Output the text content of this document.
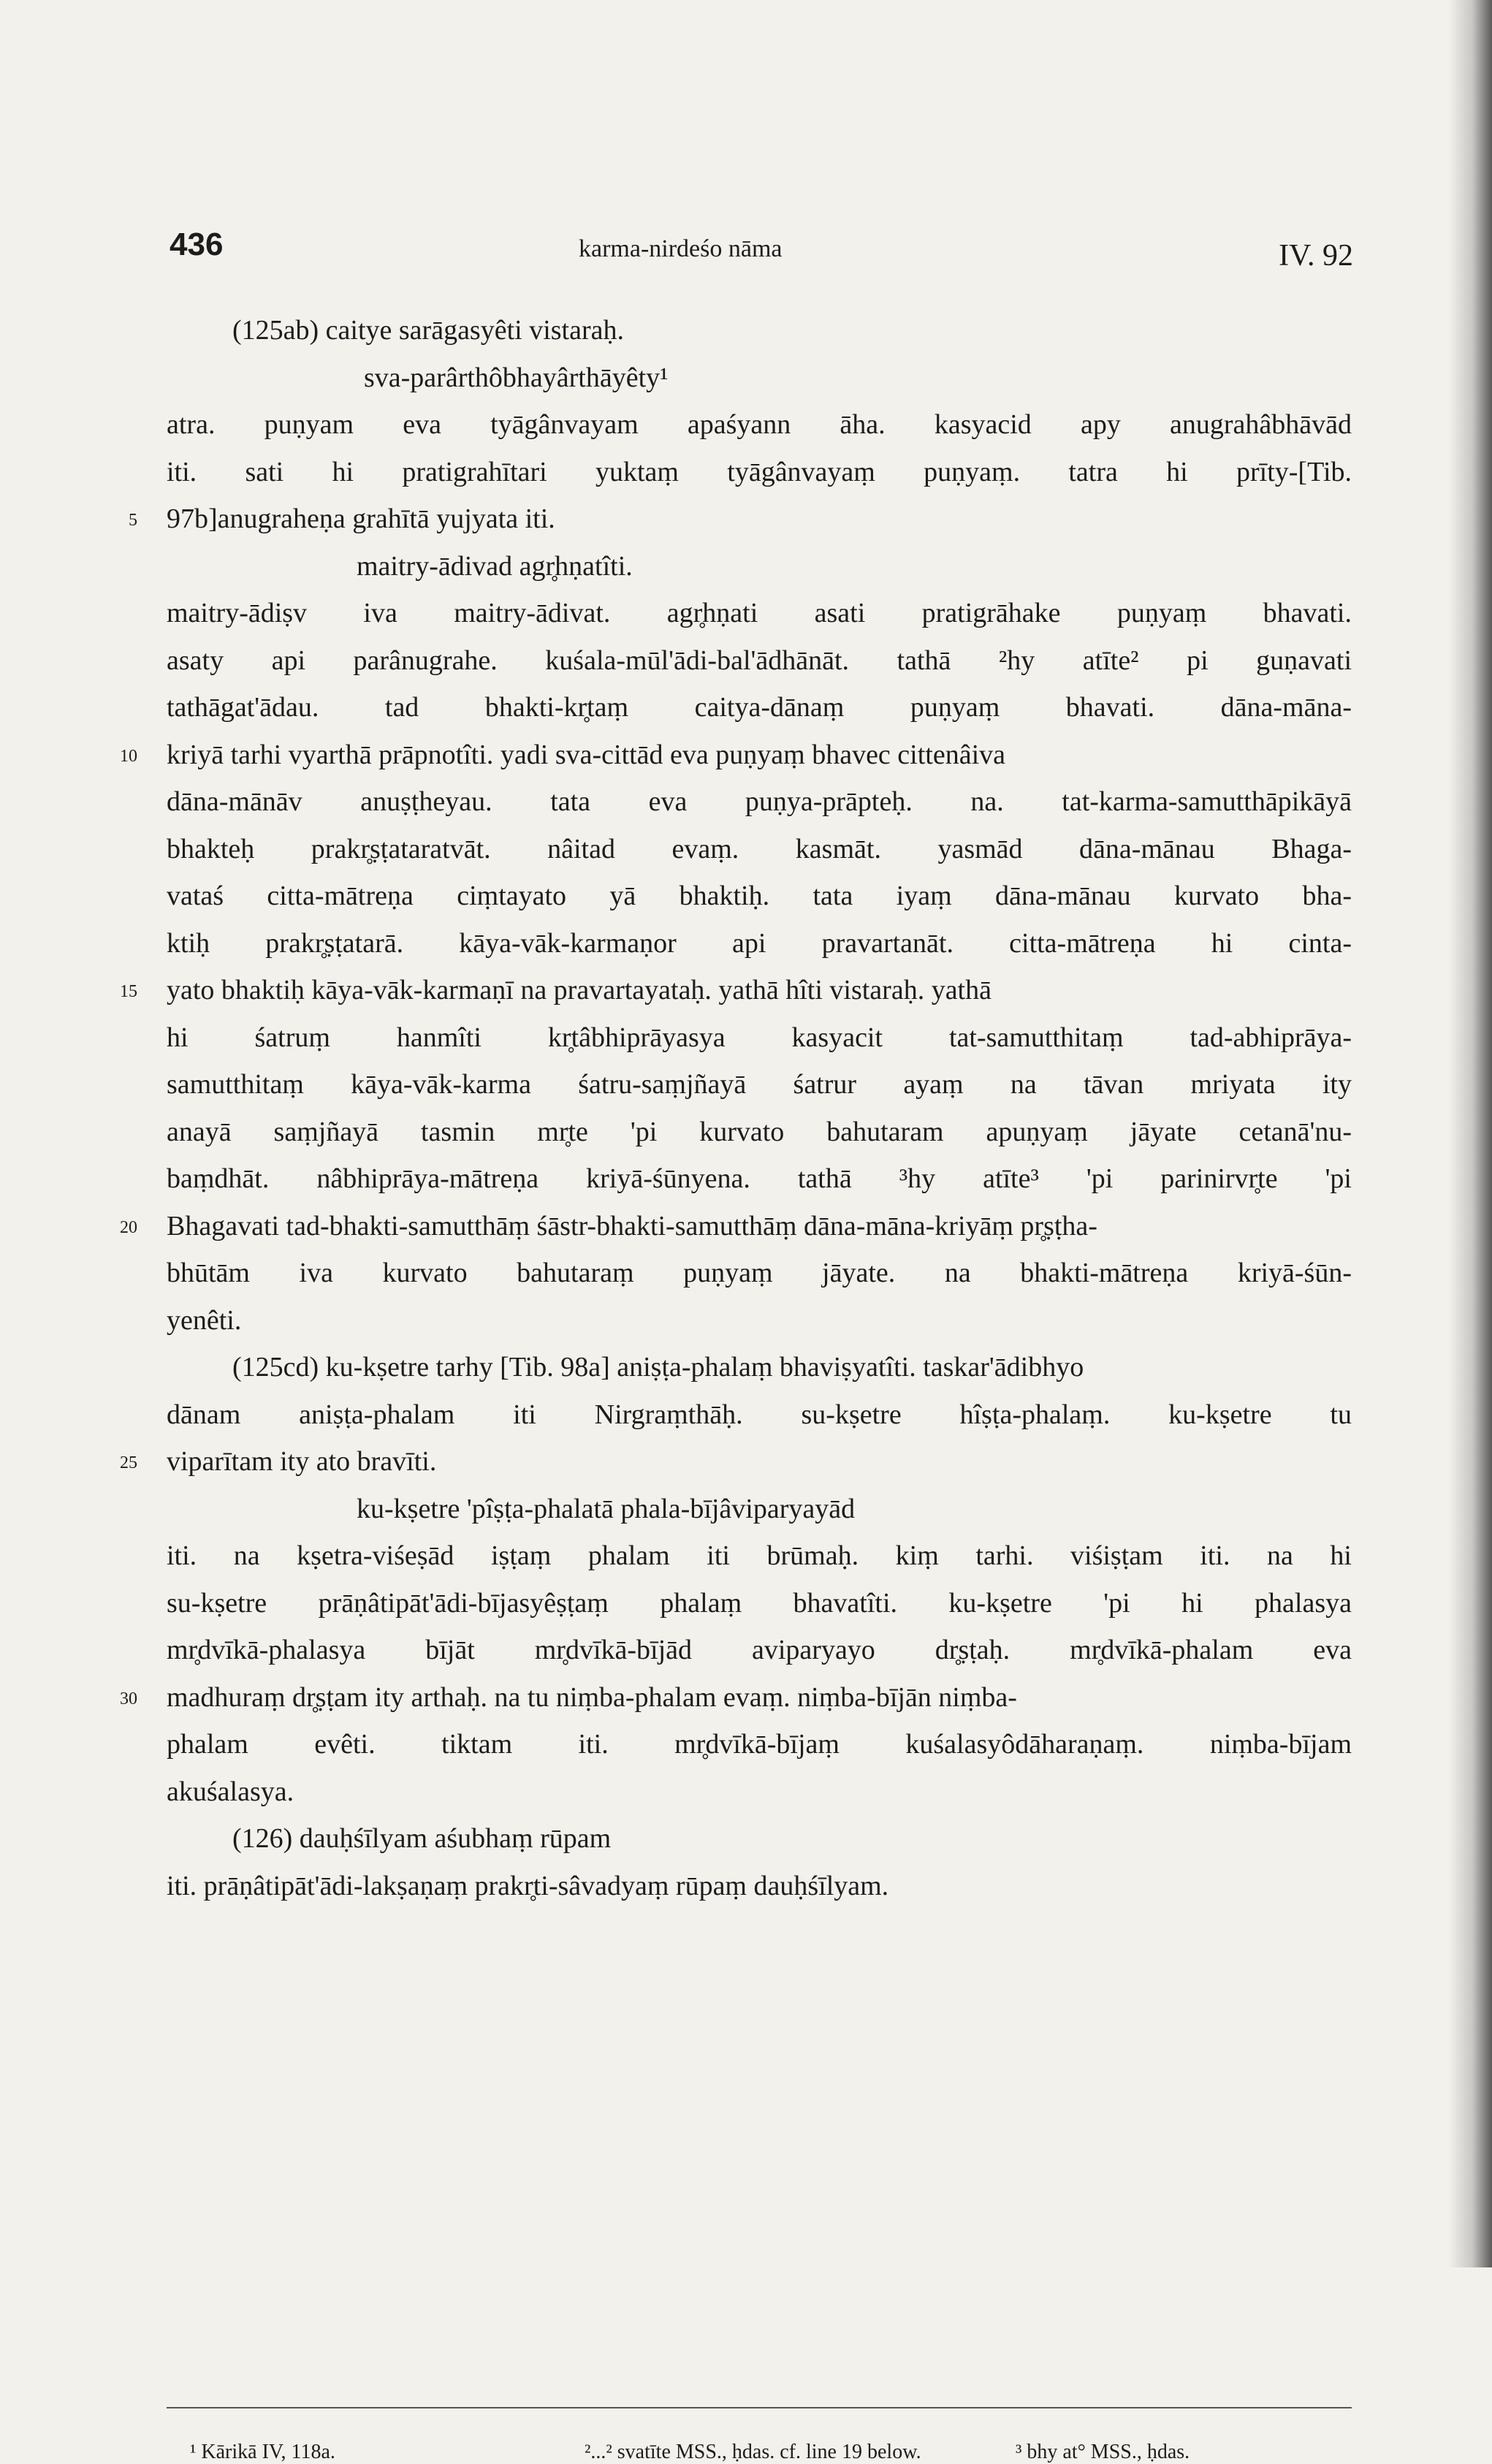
436	karma-nirdeśo nāma	IV. 92
(125ab) caitye sarāgasyêti vistaraḥ.
sva-parârthôbhayârthāyêty¹
atra. puṇyam eva tyāgânvayam apaśyann āha. kasyacid apy anugrahâbhāvād
iti. sati hi pratigrahītari yuktaṃ tyāgânvayaṃ puṇyaṃ. tatra hi prīty-[Tib.
5 97b]anugraheṇa grahītā yujyata iti.
maitry-ādivad agr̥hṇatîti.
maitry-ādiṣv iva maitry-ādivat. agr̥hṇati asati pratigrāhake puṇyaṃ bhavati.
asaty api parânugrahe. kuśala-mūl'ādi-bal'ādhānāt. tathā ²hy atīte² pi guṇavati
tathāgat'ādau. tad bhakti-kr̥taṃ caitya-dānaṃ puṇyaṃ bhavati. dāna-māna-
10 kriyā tarhi vyarthā prāpnotîti. yadi sva-cittād eva puṇyaṃ bhavec cittenâiva
dāna-mānāv anuṣṭheyau. tata eva puṇya-prāpteḥ. na. tat-karma-samutthāpikāyā
bhakteḥ prakr̥ṣṭataratvāt. nâitad evaṃ. kasmāt. yasmād dāna-mānau Bhaga-
vataś citta-mātreṇa ciṃtayato yā bhaktiḥ. tata iyaṃ dāna-mānau kurvato bha-
ktiḥ prakr̥ṣṭatarā. kāya-vāk-karmaṇor api pravartanāt. citta-mātreṇa hi cinta-
15 yato bhaktiḥ kāya-vāk-karmaṇī na pravartayataḥ. yathā hîti vistaraḥ. yathā
hi śatruṃ hanmîti kr̥tâbhiprāyasya kasyacit tat-samutthitaṃ tad-abhiprāya-
samutthitaṃ kāya-vāk-karma śatru-saṃjñayā śatrur ayaṃ na tāvan mriyata ity
anayā saṃjñayā tasmin mr̥te 'pi kurvato bahutaram apuṇyaṃ jāyate cetanā'nu-
baṃdhāt. nâbhiprāya-mātreṇa kriyā-śūnyena. tathā ³hy atīte³ 'pi parinirvr̥te 'pi
20 Bhagavati tad-bhakti-samutthāṃ śāstr-bhakti-samutthāṃ dāna-māna-kriyāṃ pr̥ṣṭha-
bhūtām iva kurvato bahutaraṃ puṇyaṃ jāyate. na bhakti-mātreṇa kriyā-śūn-
yenêti.
(125cd) ku-kṣetre tarhy [Tib. 98a] aniṣṭa-phalaṃ bhaviṣyatîti. taskar'ādibhyo
dānam aniṣṭa-phalam iti Nirgraṃthāḥ. su-kṣetre hîṣṭa-phalaṃ. ku-kṣetre tu
25 viparītam ity ato bravīti.
ku-kṣetre 'pîṣṭa-phalatā phala-bījâviparyayād
iti. na kṣetra-viśeṣād iṣṭaṃ phalam iti brūmaḥ. kiṃ tarhi. viśiṣṭam iti. na hi
su-kṣetre prāṇâtipāt'ādi-bījasyêṣṭaṃ phalaṃ bhavatîti. ku-kṣetre 'pi hi phalasya
mr̥dvīkā-phalasya bījāt mr̥dvīkā-bījād aviparyayo dr̥ṣṭaḥ. mr̥dvīkā-phalam eva
30 madhuraṃ dr̥ṣṭam ity arthaḥ. na tu niṃba-phalam evaṃ. niṃba-bījān niṃba-
phalam evêti. tiktam iti. mr̥dvīkā-bījaṃ kuśalasyôdāharaṇaṃ. niṃba-bījam
akuśalasya.
(126) dauḥśīlyam aśubhaṃ rūpam
iti. prāṇâtipāt'ādi-lakṣaṇaṃ prakr̥ti-sâvadyaṃ rūpaṃ dauḥśīlyam.
¹ Kārikā IV, 118a.	²...² svatīte MSS., ḥdas. cf. line 19 below.	³ bhy at° MSS., ḥdas.
